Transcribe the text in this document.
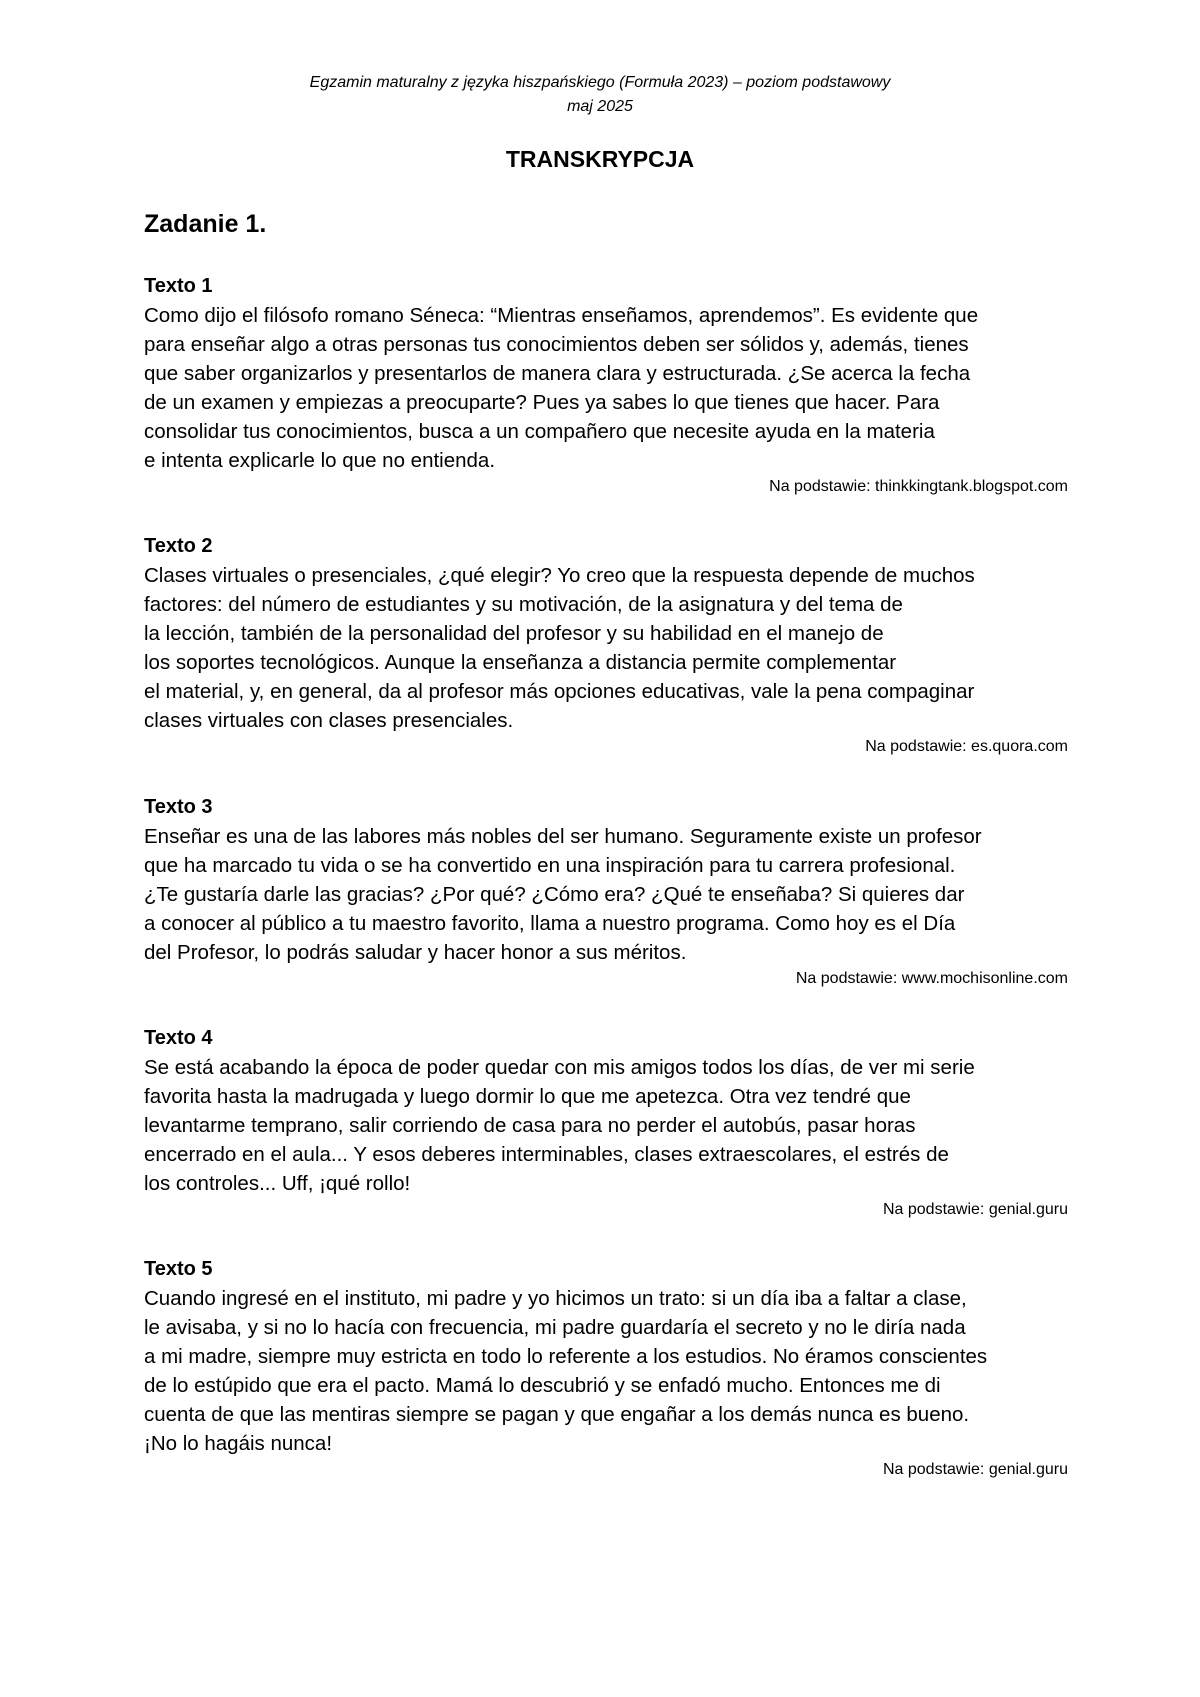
Egzamin maturalny z języka hiszpańskiego (Formuła 2023) – poziom podstawowy
maj 2025
TRANSKRYPCJA
Zadanie 1.
Texto 1
Como dijo el filósofo romano Séneca: “Mientras enseñamos, aprendemos”. Es evidente que
para enseñar algo a otras personas tus conocimientos deben ser sólidos y, además, tienes
que saber organizarlos y presentarlos de manera clara y estructurada. ¿Se acerca la fecha
de un examen y empiezas a preocuparte? Pues ya sabes lo que tienes que hacer. Para
consolidar tus conocimientos, busca a un compañero que necesite ayuda en la materia
e intenta explicarle lo que no entienda.
Na podstawie: thinkkingtank.blogspot.com
Texto 2
Clases virtuales o presenciales, ¿qué elegir? Yo creo que la respuesta depende de muchos
factores: del número de estudiantes y su motivación, de la asignatura y del tema de
la lección, también de la personalidad del profesor y su habilidad en el manejo de
los soportes tecnológicos. Aunque la enseñanza a distancia permite complementar
el material, y, en general, da al profesor más opciones educativas, vale la pena compaginar
clases virtuales con clases presenciales.
Na podstawie: es.quora.com
Texto 3
Enseñar es una de las labores más nobles del ser humano. Seguramente existe un profesor
que ha marcado tu vida o se ha convertido en una inspiración para tu carrera profesional.
¿Te gustaría darle las gracias? ¿Por qué? ¿Cómo era? ¿Qué te enseñaba? Si quieres dar
a conocer al público a tu maestro favorito, llama a nuestro programa. Como hoy es el Día
del Profesor, lo podrás saludar y hacer honor a sus méritos.
Na podstawie: www.mochisonline.com
Texto 4
Se está acabando la época de poder quedar con mis amigos todos los días, de ver mi serie
favorita hasta la madrugada y luego dormir lo que me apetezca. Otra vez tendré que
levantarme temprano, salir corriendo de casa para no perder el autobús, pasar horas
encerrado en el aula... Y esos deberes interminables, clases extraescolares, el estrés de
los controles... Uff, ¡qué rollo!
Na podstawie: genial.guru
Texto 5
Cuando ingresé en el instituto, mi padre y yo hicimos un trato: si un día iba a faltar a clase,
le avisaba, y si no lo hacía con frecuencia, mi padre guardaría el secreto y no le diría nada
a mi madre, siempre muy estricta en todo lo referente a los estudios. No éramos conscientes
de lo estúpido que era el pacto. Mamá lo descubrió y se enfadó mucho. Entonces me di
cuenta de que las mentiras siempre se pagan y que engañar a los demás nunca es bueno.
¡No lo hagáis nunca!
Na podstawie: genial.guru
